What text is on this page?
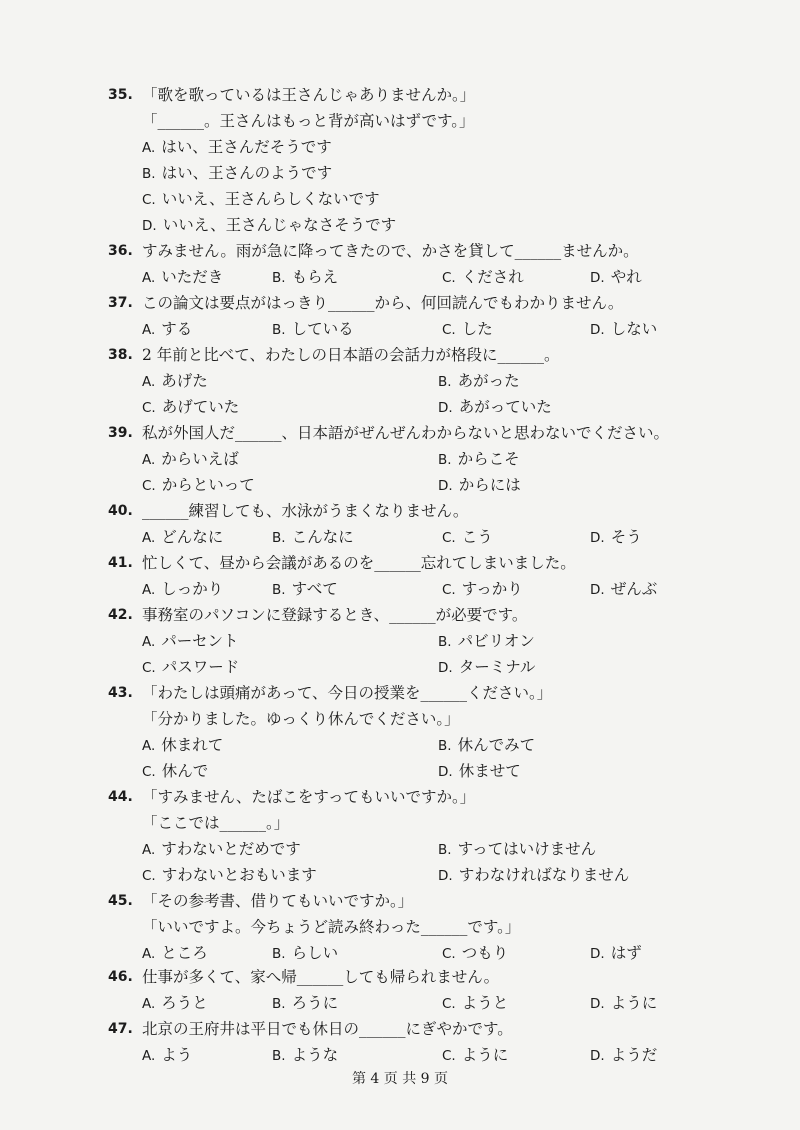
35. 「歌を歌っているは王さんじゃありませんか。」
「______。王さんはもっと背が高いはずです。」
A. はい、王さんだそうです
B. はい、王さんのようです
C. いいえ、王さんらしくないです
D. いいえ、王さんじゃなさそうです
36. すみません。雨が急に降ってきたので、かさを貸して______ませんか。
A. いただき	B. もらえ	C. くだされ	D. やれ
37. この論文は要点がはっきり______から、何回読んでもわかりません。
A. する	B. している	C. した	D. しない
38. 2 年前と比べて、わたしの日本語の会話力が格段に______。
A. あげた	B. あがった
C. あげていた	D. あがっていた
39. 私が外国人だ______、日本語がぜんぜんわからないと思わないでください。
A. からいえば	B. からこそ
C. からといって	D. からには
40. ______練習しても、水泳がうまくなりません。
A. どんなに	B. こんなに	C. こう	D. そう
41. 忙しくて、昼から会議があるのを______忘れてしまいました。
A. しっかり	B. すべて	C. すっかり	D. ぜんぶ
42. 事務室のパソコンに登録するとき、______が必要です。
A. パーセント	B. パビリオン
C. パスワード	D. ターミナル
43. 「わたしは頭痛があって、今日の授業を______ください。」
「分かりました。ゆっくり休んでください。」
A. 休まれて	B. 休んでみて
C. 休んで	D. 休ませて
44. 「すみません、たばこをすってもいいですか。」
「ここでは______。」
A. すわないとだめです	B. すってはいけません
C. すわないとおもいます	D. すわなければなりません
45. 「その参考書、借りてもいいですか。」
「いいですよ。今ちょうど読み終わった______です。」
A. ところ	B. らしい	C. つもり	D. はず
46. 仕事が多くて、家へ帰______しても帰られません。
A. ろうと	B. ろうに	C. ようと	D. ように
47. 北京の王府井は平日でも休日の______にぎやかです。
A. よう	B. ような	C. ように	D. ようだ
第 4 页 共 9 页
